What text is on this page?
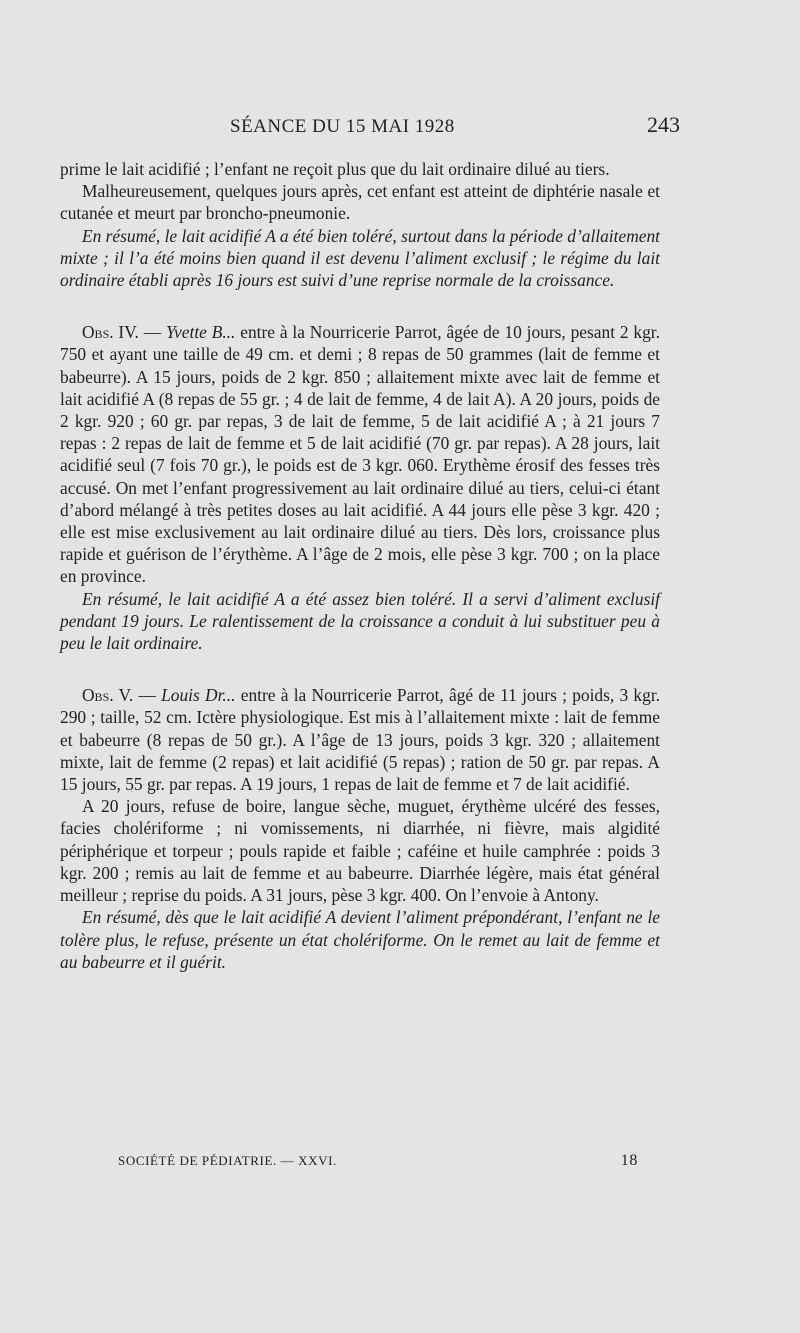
SÉANCE DU 15 MAI 1928	243

prime le lait acidifié ; l’enfant ne reçoit plus que du lait ordinaire dilué au tiers.

Malheureusement, quelques jours après, cet enfant est atteint de diphtérie nasale et cutanée et meurt par broncho-pneumonie.

En résumé, le lait acidifié A a été bien toléré, surtout dans la période d’allaitement mixte ; il l’a été moins bien quand il est devenu l’aliment exclusif ; le régime du lait ordinaire établi après 16 jours est suivi d’une reprise normale de la croissance.

Obs. IV. — Yvette B... entre à la Nourricerie Parrot, âgée de 10 jours, pesant 2 kgr. 750 et ayant une taille de 49 cm. et demi ; 8 repas de 50 grammes (lait de femme et babeurre). A 15 jours, poids de 2 kgr. 850 ; allaitement mixte avec lait de femme et lait acidifié A (8 repas de 55 gr. ; 4 de lait de femme, 4 de lait A). A 20 jours, poids de 2 kgr. 920 ; 60 gr. par repas, 3 de lait de femme, 5 de lait acidifié A ; à 21 jours 7 repas : 2 repas de lait de femme et 5 de lait acidifié (70 gr. par repas). A 28 jours, lait acidifié seul (7 fois 70 gr.), le poids est de 3 kgr. 060. Erythème érosif des fesses très accusé. On met l’enfant progressivement au lait ordinaire dilué au tiers, celui-ci étant d’abord mélangé à très petites doses au lait acidifié. A 44 jours elle pèse 3 kgr. 420 ; elle est mise exclusivement au lait ordinaire dilué au tiers. Dès lors, croissance plus rapide et guérison de l’érythème. A l’âge de 2 mois, elle pèse 3 kgr. 700 ; on la place en province.

En résumé, le lait acidifié A a été assez bien toléré. Il a servi d’aliment exclusif pendant 19 jours. Le ralentissement de la croissance a conduit à lui substituer peu à peu le lait ordinaire.

Obs. V. — Louis Dr... entre à la Nourricerie Parrot, âgé de 11 jours ; poids, 3 kgr. 290 ; taille, 52 cm. Ictère physiologique. Est mis à l’allaitement mixte : lait de femme et babeurre (8 repas de 50 gr.). A l’âge de 13 jours, poids 3 kgr. 320 ; allaitement mixte, lait de femme (2 repas) et lait acidifié (5 repas) ; ration de 50 gr. par repas. A 15 jours, 55 gr. par repas. A 19 jours, 1 repas de lait de femme et 7 de lait acidifié.

A 20 jours, refuse de boire, langue sèche, muguet, érythème ulcéré des fesses, facies cholériforme ; ni vomissements, ni diarrhée, ni fièvre, mais algidité périphérique et torpeur ; pouls rapide et faible ; caféine et huile camphrée : poids 3 kgr. 200 ; remis au lait de femme et au babeurre. Diarrhée légère, mais état général meilleur ; reprise du poids. A 31 jours, pèse 3 kgr. 400. On l’envoie à Antony.

En résumé, dès que le lait acidifié A devient l’aliment prépondérant, l’enfant ne le tolère plus, le refuse, présente un état cholériforme. On le remet au lait de femme et au babeurre et il guérit.

SOCIÉTÉ DE PÉDIATRIE. — XXVI.	18
